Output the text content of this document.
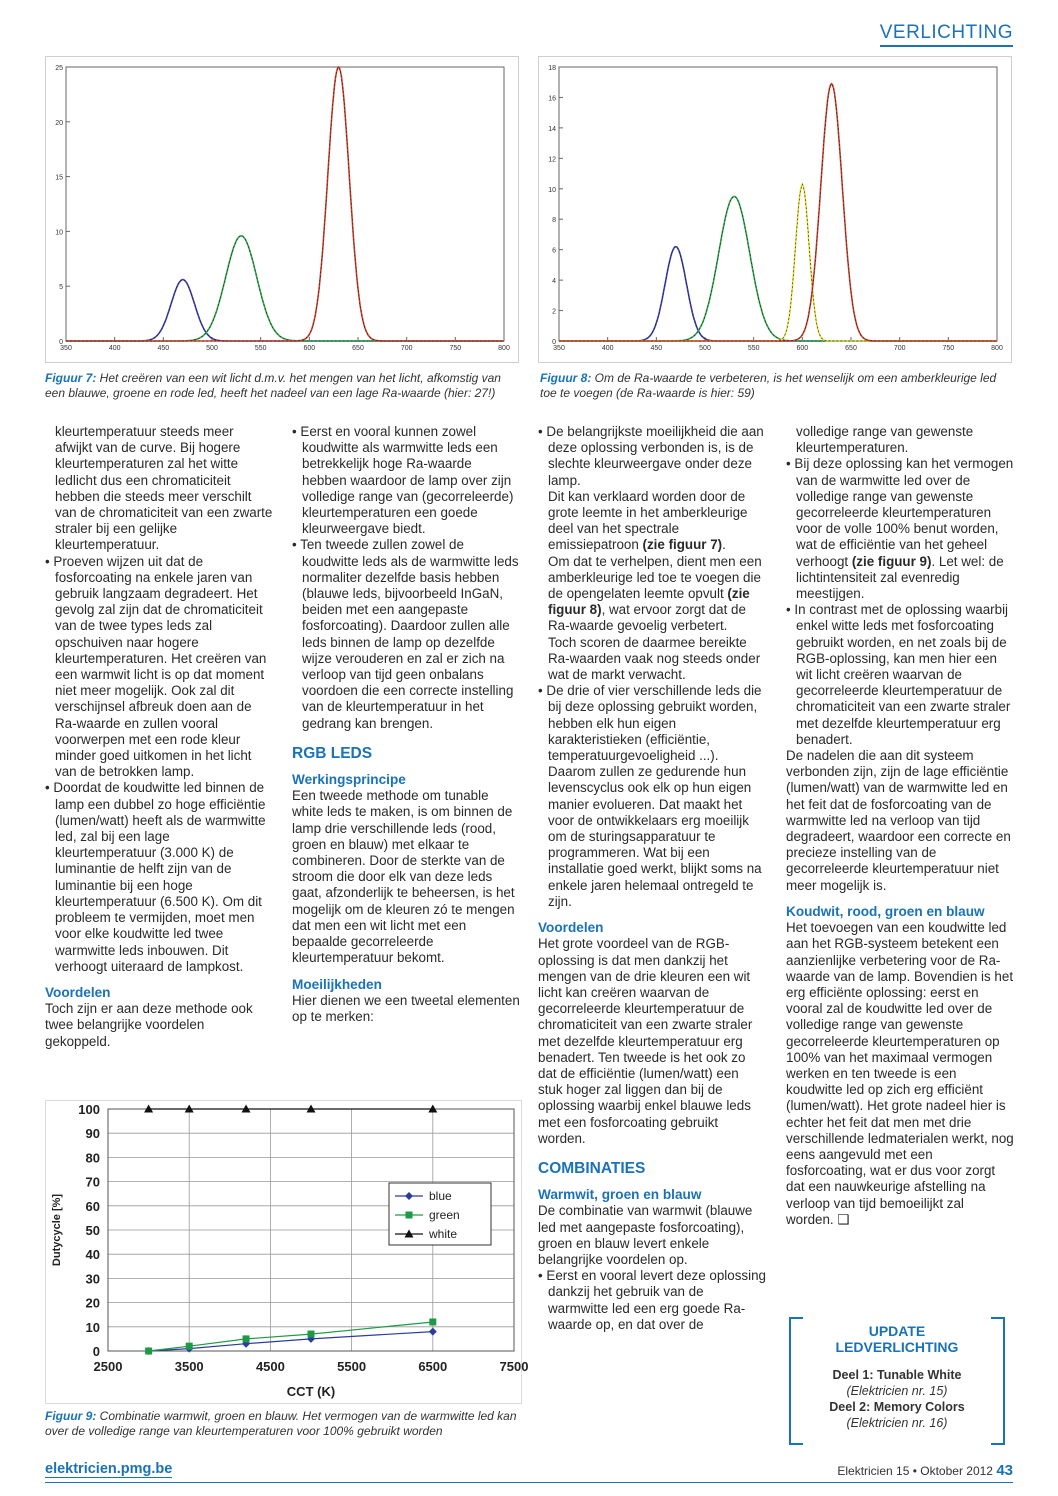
VERLICHTING
0
5
10
15
20
25
350	400	450	500	550	600	650	700	750	800
Figuur 7: Het creëren van een wit licht d.m.v. het mengen van het licht, afkomstig van een blauwe, groene en rode led, heeft het nadeel van een lage Ra-waarde (hier: 27!)
0
2
4
6
8
10
12
14
16
18
350	400	450	500	550	600	650	700	750	800
Figuur 8: Om de Ra-waarde te verbeteren, is het wenselijk om een amberkleurige led toe te voegen (de Ra-waarde is hier: 59)

kleurtemperatuur steeds meer afwijkt van de curve. Bij hogere kleurtemperaturen zal het witte ledlicht dus een chromaticiteit hebben die steeds meer verschilt van de chromaticiteit van een zwarte straler bij een gelijke kleurtemperatuur.

• Proeven wijzen uit dat de fosforcoating na enkele jaren van gebruik langzaam degradeert. Het gevolg zal zijn dat de chromaticiteit van de twee types leds zal opschuiven naar hogere kleurtemperaturen. Het creëren van een warmwit licht is op dat moment niet meer mogelijk. Ook zal dit verschijnsel afbreuk doen aan de Ra-waarde en zullen vooral voorwerpen met een rode kleur minder goed uitkomen in het licht van de betrokken lamp.

• Doordat de koudwitte led binnen de lamp een dubbel zo hoge efficiëntie (lumen/watt) heeft als de warmwitte led, zal bij een lage kleurtemperatuur (3.000 K) de luminantie de helft zijn van de luminantie bij een hoge kleurtemperatuur (6.500 K). Om dit probleem te vermijden, moet men voor elke koudwitte led twee warmwitte leds inbouwen. Dit verhoogt uiteraard de lampkost.

Voordelen

Toch zijn er aan deze methode ook twee belangrijke voordelen gekoppeld.

• Eerst en vooral kunnen zowel koudwitte als warmwitte leds een betrekkelijk hoge Ra-waarde hebben waardoor de lamp over zijn volledige range van (gecorreleerde) kleurtemperaturen een goede kleurweergave biedt.

• Ten tweede zullen zowel de koudwitte leds als de warmwitte leds normaliter dezelfde basis hebben (blauwe leds, bijvoorbeeld InGaN, beiden met een aangepaste fosforcoating). Daardoor zullen alle leds binnen de lamp op dezelfde wijze verouderen en zal er zich na verloop van tijd geen onbalans voordoen die een correcte instelling van de kleurtemperatuur in het gedrang kan brengen.

RGB LEDS

Werkingsprincipe

Een tweede methode om tunable white leds te maken, is om binnen de lamp drie verschillende leds (rood, groen en blauw) met elkaar te combineren. Door de sterkte van de stroom die door elk van deze leds gaat, afzonderlijk te beheersen, is het mogelijk om de kleuren zó te mengen dat men een wit licht met een bepaalde gecorreleerde kleurtemperatuur bekomt.

Moeilijkheden

Hier dienen we een tweetal elementen op te merken:

• De belangrijkste moeilijkheid die aan deze oplossing verbonden is, is de slechte kleurweergave onder deze lamp.

Dit kan verklaard worden door de grote leemte in het amberkleurige deel van het spectrale emissiepatroon (zie figuur 7).

Om dat te verhelpen, dient men een amberkleurige led toe te voegen die de opengelaten leemte opvult (zie figuur 8), wat ervoor zorgt dat de Ra-waarde gevoelig verbetert.

Toch scoren de daarmee bereikte Ra-waarden vaak nog steeds onder wat de markt verwacht.

• De drie of vier verschillende leds die bij deze oplossing gebruikt worden, hebben elk hun eigen karakteristieken (efficiëntie, temperatuurgevoeligheid ...).

Daarom zullen ze gedurende hun levenscyclus ook elk op hun eigen manier evolueren. Dat maakt het voor de ontwikkelaars erg moeilijk om de sturingsapparatuur te programmeren. Wat bij een installatie goed werkt, blijkt soms na enkele jaren helemaal ontregeld te zijn.

Voordelen

Het grote voordeel van de RGB-oplossing is dat men dankzij het mengen van de drie kleuren een wit licht kan creëren waarvan de gecorreleerde kleurtemperatuur de chromaticiteit van een zwarte straler met dezelfde kleurtemperatuur erg benadert. Ten tweede is het ook zo dat de efficiëntie (lumen/watt) een stuk hoger zal liggen dan bij de oplossing waarbij enkel blauwe leds met een fosforcoating gebruikt worden.

COMBINATIES

Warmwit, groen en blauw

De combinatie van warmwit (blauwe led met aangepaste fosforcoating), groen en blauw levert enkele belangrijke voordelen op.

• Eerst en vooral levert deze oplossing dankzij het gebruik van de warmwitte led een erg goede Ra-waarde op, en dat over de

volledige range van gewenste kleurtemperaturen.

• Bij deze oplossing kan het vermogen van de warmwitte led over de volledige range van gewenste gecorreleerde kleurtemperaturen voor de volle 100% benut worden, wat de efficiëntie van het geheel verhoogt (zie figuur 9). Let wel: de lichtintensiteit zal evenredig meestijgen.

• In contrast met de oplossing waarbij enkel witte leds met fosforcoating gebruikt worden, en net zoals bij de RGB-oplossing, kan men hier een wit licht creëren waarvan de gecorreleerde kleurtemperatuur de chromaticiteit van een zwarte straler met dezelfde kleurtemperatuur erg benadert.

De nadelen die aan dit systeem verbonden zijn, zijn de lage efficiëntie (lumen/watt) van de warmwitte led en het feit dat de fosforcoating van de warmwitte led na verloop van tijd degradeert, waardoor een correcte en precieze instelling van de gecorreleerde kleurtemperatuur niet meer mogelijk is.

Koudwit, rood, groen en blauw

Het toevoegen van een koudwitte led aan het RGB-systeem betekent een aanzienlijke verbetering voor de Ra-waarde van de lamp. Bovendien is het erg efficiënte oplossing: eerst en vooral zal de koudwitte led over de volledige range van gewenste gecorreleerde kleurtemperaturen op 100% van het maximaal vermogen werken en ten tweede is een koudwitte led op zich erg efficiënt (lumen/watt). Het grote nadeel hier is echter het feit dat men met drie verschillende ledmaterialen werkt, nog eens aangevuld met een fosforcoating, wat er dus voor zorgt dat een nauwkeurige afstelling na verloop van tijd bemoeilijkt zal worden. ❑

0
10
20
30
40
50
60
70
80
90
100
2500	3500	4500	5500	6500	7500
CCT (K)
Dutycycle [%]	blue
green
white
Figuur 9: Combinatie warmwit, groen en blauw. Het vermogen van de warmwitte led kan over de volledige range van kleurtemperaturen voor 100% gebruikt worden
UPDATE
LEDVERLICHTING
Deel 1: Tunable White
(Elektricien nr. 15)
Deel 2: Memory Colors
(Elektricien nr. 16)
elektricien.pmg.be	Elektricien 15 • Oktober 2012 43
